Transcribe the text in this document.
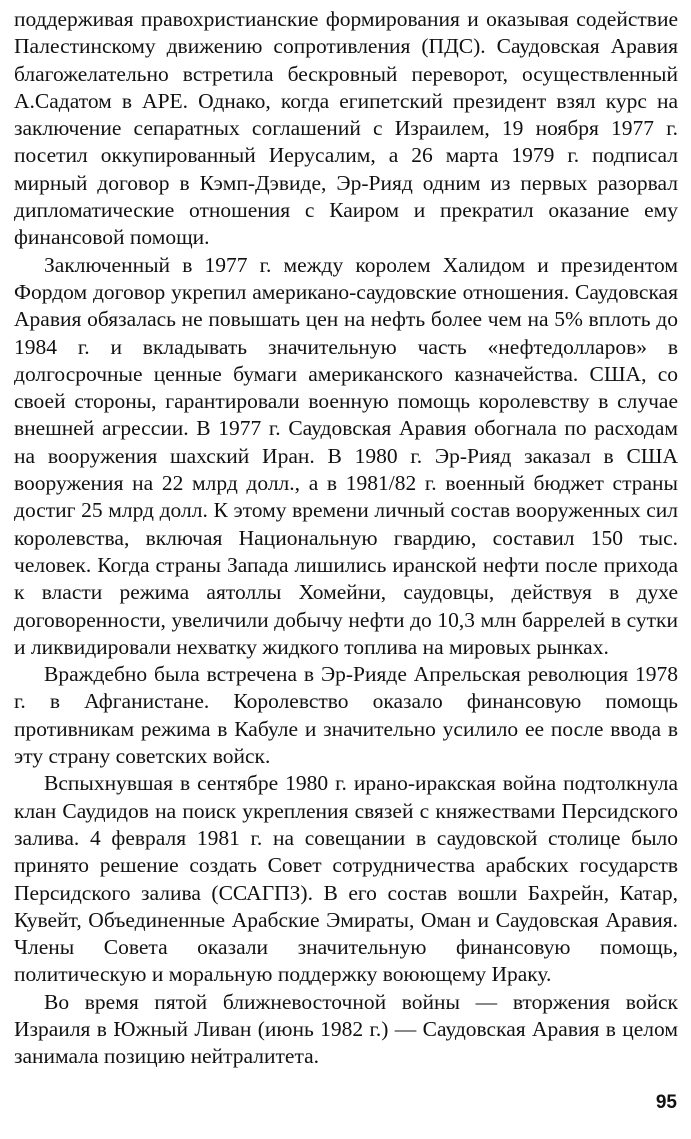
поддерживая правохристианские формирования и оказывая содействие Палестинскому движению сопротивления (ПДС). Саудовская Аравия благожелательно встретила бескровный переворот, осуществленный А.Садатом в АРЕ. Однако, когда египетский президент взял курс на заключение сепаратных соглашений с Израилем, 19 ноября 1977 г. посетил оккупированный Иерусалим, а 26 марта 1979 г. подписал мирный договор в Кэмп-Дэвиде, Эр-Рияд одним из первых разорвал дипломатические отношения с Каиром и прекратил оказание ему финансовой помощи.

Заключенный в 1977 г. между королем Халидом и президентом Фордом договор укрепил американо-саудовские отношения. Саудовская Аравия обязалась не повышать цен на нефть более чем на 5% вплоть до 1984 г. и вкладывать значительную часть «нефтедолларов» в долгосрочные ценные бумаги американского казначейства. США, со своей стороны, гарантировали военную помощь королевству в случае внешней агрессии. В 1977 г. Саудовская Аравия обогнала по расходам на вооружения шахский Иран. В 1980 г. Эр-Рияд заказал в США вооружения на 22 млрд долл., а в 1981/82 г. военный бюджет страны достиг 25 млрд долл. К этому времени личный состав вооруженных сил королевства, включая Национальную гвардию, составил 150 тыс. человек. Когда страны Запада лишились иранской нефти после прихода к власти режима аятоллы Хомейни, саудовцы, действуя в духе договоренности, увеличили добычу нефти до 10,3 млн баррелей в сутки и ликвидировали нехватку жидкого топлива на мировых рынках.

Враждебно была встречена в Эр-Рияде Апрельская революция 1978 г. в Афганистане. Королевство оказало финансовую помощь противникам режима в Кабуле и значительно усилило ее после ввода в эту страну советских войск.

Вспыхнувшая в сентябре 1980 г. ирано-иракская война подтолкнула клан Саудидов на поиск укрепления связей с княжествами Персидского залива. 4 февраля 1981 г. на совещании в саудовской столице было принято решение создать Совет сотрудничества арабских государств Персидского залива (ССАГПЗ). В его состав вошли Бахрейн, Катар, Кувейт, Объединенные Арабские Эмираты, Оман и Саудовская Аравия. Члены Совета оказали значительную финансовую помощь, политическую и моральную поддержку воюющему Ираку.

Во время пятой ближневосточной войны — вторжения войск Израиля в Южный Ливан (июнь 1982 г.) — Саудовская Аравия в целом занимала позицию нейтралитета.

95
